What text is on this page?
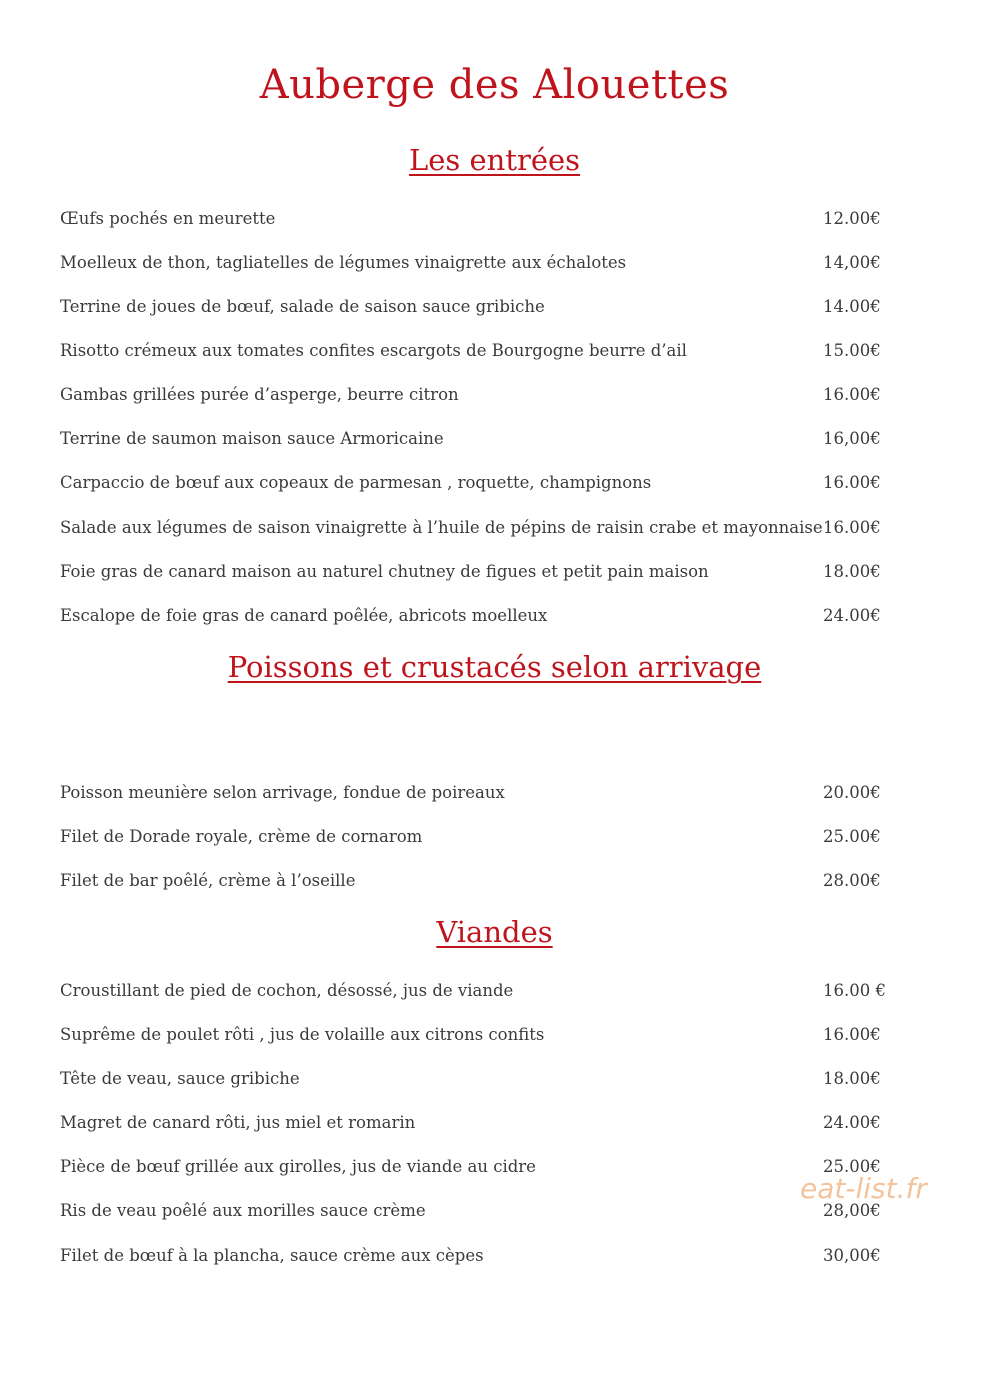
Auberge des Alouettes
Les entrées
Œufs pochés en meurette	12.00€
Moelleux de thon, tagliatelles de légumes vinaigrette aux échalotes	14,00€
Terrine de joues de bœuf, salade de saison sauce gribiche	14.00€
Risotto crémeux aux tomates confites escargots de Bourgogne beurre d’ail	15.00€
Gambas grillées purée d’asperge, beurre citron	16.00€
Terrine de saumon maison sauce Armoricaine	16,00€
Carpaccio de bœuf aux copeaux de parmesan , roquette, champignons	16.00€
Salade aux légumes de saison vinaigrette à l’huile de pépins de raisin crabe et mayonnaise 16.00€
Foie gras de canard maison au naturel chutney de figues et petit pain maison	18.00€
Escalope de foie gras de canard poêlée, abricots moelleux	24.00€
Poissons et crustacés selon arrivage
Poisson meunière selon arrivage, fondue de poireaux	20.00€
Filet de Dorade royale, crème de cornarom	25.00€
Filet de bar poêlé, crème à l’oseille	28.00€
Viandes
Croustillant de pied de cochon, désossé, jus de viande	16.00 €
Suprême de poulet rôti , jus de volaille aux citrons confits	16.00€
Tête de veau, sauce gribiche	18.00€
Magret de canard rôti, jus miel et romarin	24.00€
Pièce de bœuf grillée aux girolles, jus de viande au cidre	25.00€
Ris de veau poêlé aux morilles sauce crème	28,00€
Filet de bœuf à la plancha, sauce crème aux cèpes	30,00€
eat-list.fr
